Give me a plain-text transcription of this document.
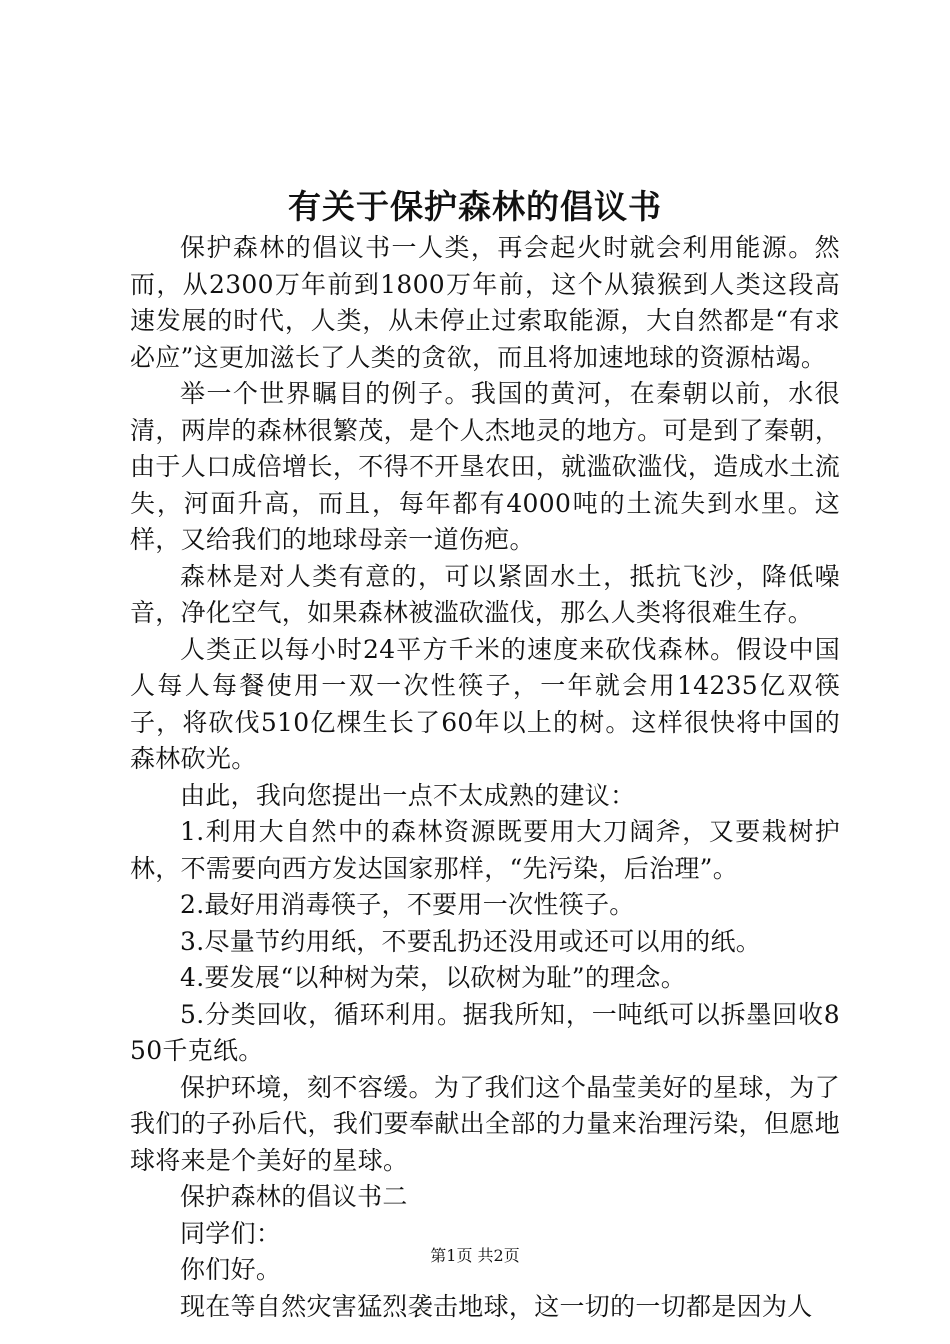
有关于保护森林的倡议书

保护森林的倡议书一人类，再会起火时就会利用能源。然而，从2300万年前到1800万年前，这个从猿猴到人类这段高速发展的时代，人类，从未停止过索取能源，大自然都是“有求必应”这更加滋长了人类的贪欲，而且将加速地球的资源枯竭。

举一个世界瞩目的例子。我国的黄河，在秦朝以前，水很清，两岸的森林很繁茂，是个人杰地灵的地方。可是到了秦朝，由于人口成倍增长，不得不开垦农田，就滥砍滥伐，造成水土流失，河面升高，而且，每年都有4000吨的土流失到水里。这样，又给我们的地球母亲一道伤疤。

森林是对人类有意的，可以紧固水土，抵抗飞沙，降低噪音，净化空气，如果森林被滥砍滥伐，那么人类将很难生存。

人类正以每小时24平方千米的速度来砍伐森林。假设中国人每人每餐使用一双一次性筷子，一年就会用14235亿双筷子，将砍伐510亿棵生长了60年以上的树。这样很快将中国的森林砍光。

由此，我向您提出一点不太成熟的建议：

1.利用大自然中的森林资源既要用大刀阔斧，又要栽树护林，不需要向西方发达国家那样，“先污染，后治理”。

2.最好用消毒筷子，不要用一次性筷子。

3.尽量节约用纸，不要乱扔还没用或还可以用的纸。

4.要发展“以种树为荣，以砍树为耻”的理念。

5.分类回收，循环利用。据我所知，一吨纸可以拆墨回收850千克纸。

保护环境，刻不容缓。为了我们这个晶莹美好的星球，为了我们的子孙后代，我们要奉献出全部的力量来治理污染，但愿地球将来是个美好的星球。

保护森林的倡议书二

同学们：

你们好。

现在等自然灾害猛烈袭击地球，这一切的一切都是因为人

第1页 共2页
